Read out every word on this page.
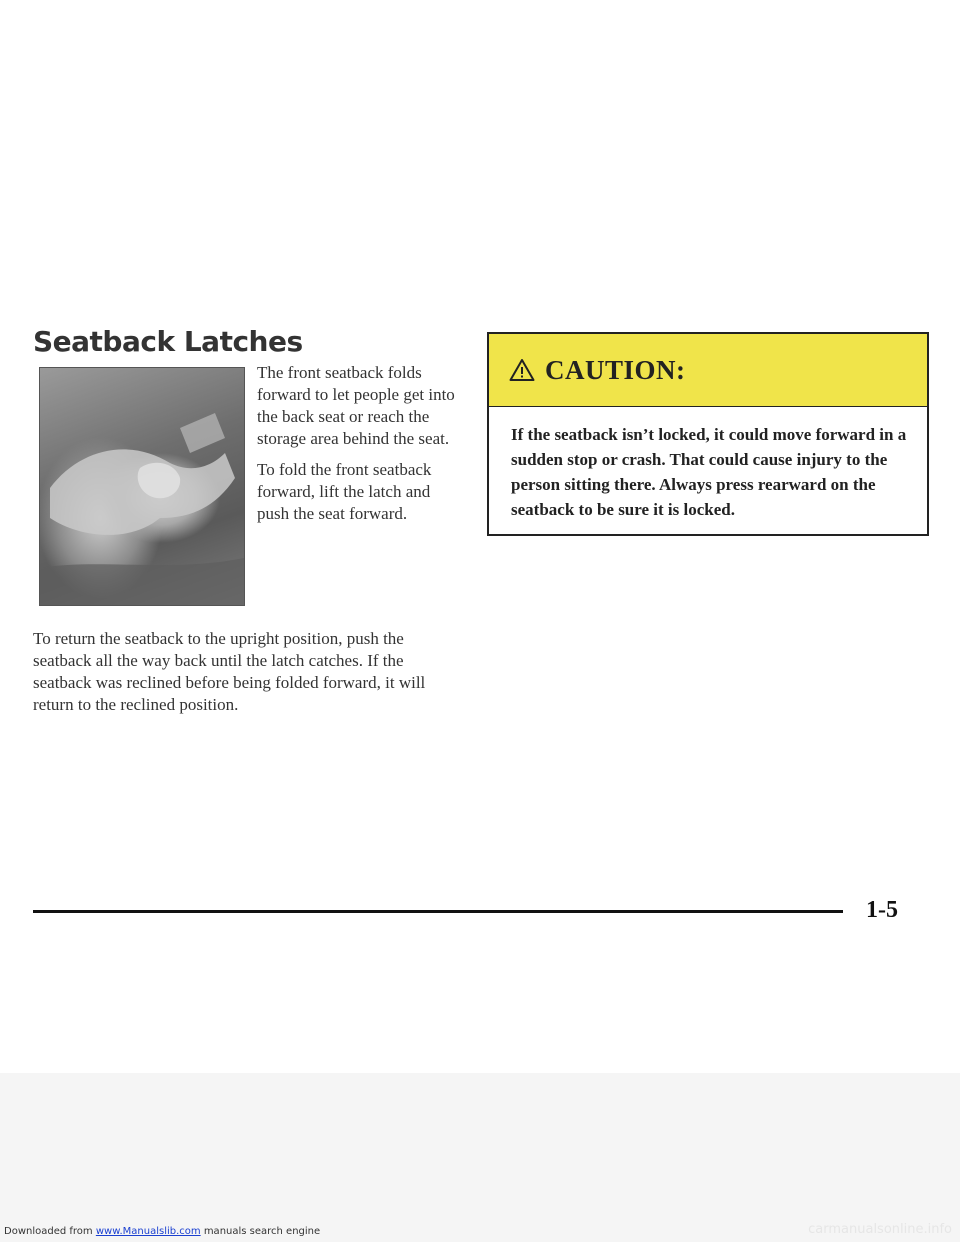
Seatback Latches

The front seatback folds forward to let people get into the back seat or reach the storage area behind the seat.

To fold the front seatback forward, lift the latch and push the seat forward.

To return the seatback to the upright position, push the seatback all the way back until the latch catches. If the seatback was reclined before being folded forward, it will return to the reclined position.
CAUTION:
If the seatback isn’t locked, it could move forward in a sudden stop or crash. That could cause injury to the person sitting there. Always press rearward on the seatback to be sure it is locked.
1-5
Downloaded from www.Manualslib.com manuals search engine	carmanualsonline.info
